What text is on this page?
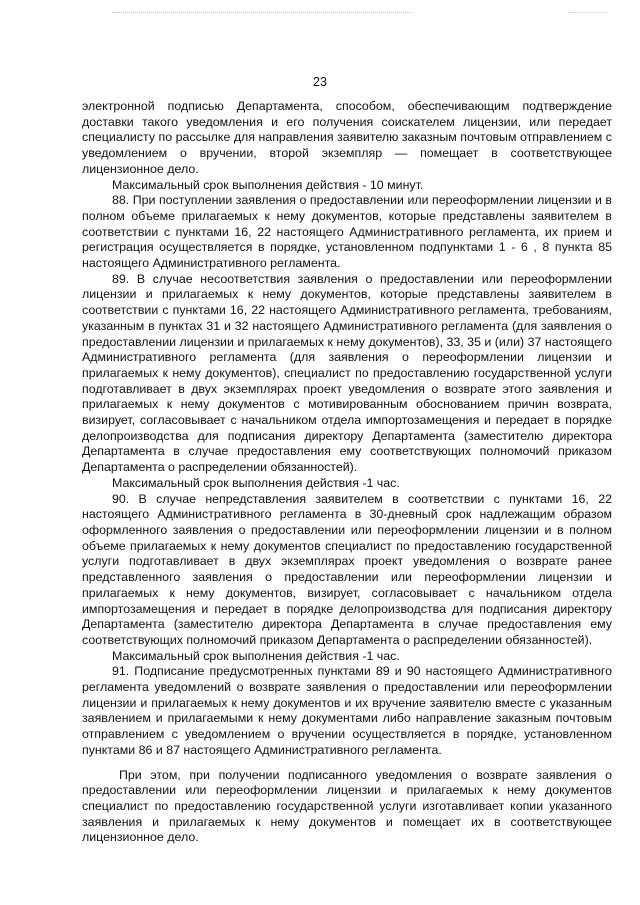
23

электронной подписью Департамента, способом, обеспечивающим подтверждение доставки такого уведомления и его получения соискателем лицензии, или передает специалисту по рассылке для направления заявителю заказным почтовым отправлением с уведомлением о вручении, второй экземпляр — помещает в соответствующее лицензионное дело.

Максимальный срок выполнения действия - 10 минут.

88. При поступлении заявления о предоставлении или переоформлении лицензии и в полном объеме прилагаемых к нему документов, которые представлены заявителем в соответствии с пунктами 16, 22 настоящего Административного регламента, их прием и регистрация осуществляется в порядке, установленном подпунктами 1 - 6 , 8 пункта 85 настоящего Административного регламента.

89. В случае несоответствия заявления о предоставлении или переоформлении лицензии и прилагаемых к нему документов, которые представлены заявителем в соответствии с пунктами 16, 22 настоящего Административного регламента, требованиям, указанным в пунктах 31 и 32 настоящего Административного регламента (для заявления о предоставлении лицензии и прилагаемых к нему документов), 33, 35 и (или) 37 настоящего Административного регламента (для заявления о переоформлении лицензии и прилагаемых к нему документов), специалист по предоставлению государственной услуги подготавливает в двух экземплярах проект уведомления о возврате этого заявления и прилагаемых к нему документов с мотивированным обоснованием причин возврата, визирует, согласовывает с начальником отдела импортозамещения и передает в порядке делопроизводства для подписания директору Департамента (заместителю директора Департамента в случае предоставления ему соответствующих полномочий приказом Департамента о распределении обязанностей).

Максимальный срок выполнения действия -1 час.

90. В случае непредставления заявителем в соответствии с пунктами 16, 22 настоящего Административного регламента в 30-дневный срок надлежащим образом оформленного заявления о предоставлении или переоформлении лицензии и в полном объеме прилагаемых к нему документов специалист по предоставлению государственной услуги подготавливает в двух экземплярах проект уведомления о возврате ранее представленного заявления о предоставлении или переоформлении лицензии и прилагаемых к нему документов, визирует, согласовывает с начальником отдела импортозамещения и передает в порядке делопроизводства для подписания директору Департамента (заместителю директора Департамента в случае предоставления ему соответствующих полномочий приказом Департамента о распределении обязанностей).

Максимальный срок выполнения действия -1 час.

91. Подписание предусмотренных пунктами 89 и 90 настоящего Административного регламента уведомлений о возврате заявления о предоставлении или переоформлении лицензии и прилагаемых к нему документов и их вручение заявителю вместе с указанным заявлением и прилагаемыми к нему документами либо направление заказным почтовым отправлением с уведомлением о вручении осуществляется в порядке, установленном пунктами 86 и 87 настоящего Административного регламента.

При этом, при получении подписанного уведомления о возврате заявления о предоставлении или переоформлении лицензии и прилагаемых к нему документов специалист по предоставлению государственной услуги изготавливает копии указанного заявления и прилагаемых к нему документов и помещает их в соответствующее лицензионное дело.
